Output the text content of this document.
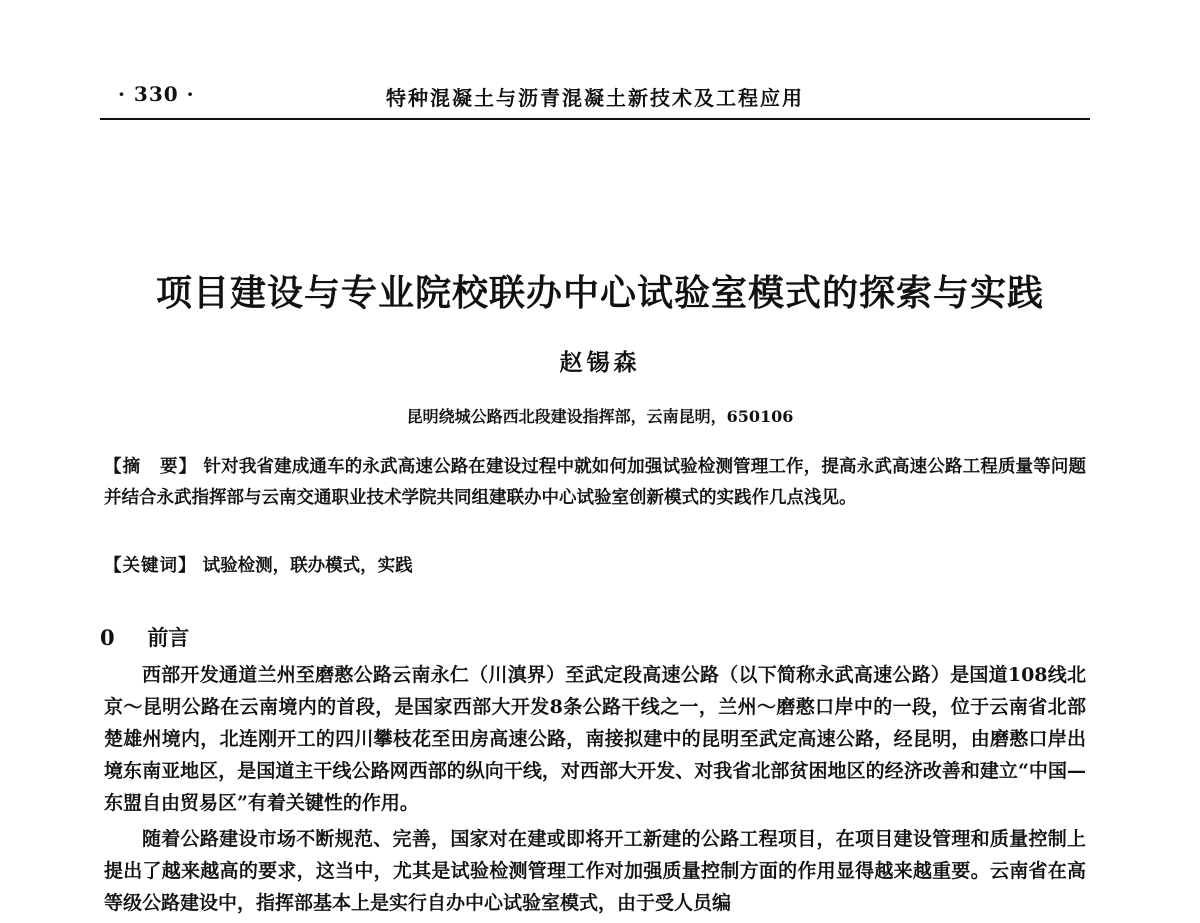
特种混凝土与沥青混凝土新技术及工程应用
· 330 ·
项目建设与专业院校联办中心试验室模式的探索与实践
赵锡森
昆明绕城公路西北段建设指挥部，云南昆明，650106
【摘　要】 针对我省建成通车的永武高速公路在建设过程中就如何加强试验检测管理工作，提高永武高速公路工程质量等问题并结合永武指挥部与云南交通职业技术学院共同组建联办中心试验室创新模式的实践作几点浅见。
【关键词】 试验检测，联办模式，实践
0 前言

西部开发通道兰州至磨憨公路云南永仁（川滇界）至武定段高速公路（以下简称永武高速公路）是国道108线北京～昆明公路在云南境内的首段，是国家西部大开发8条公路干线之一，兰州～磨憨口岸中的一段，位于云南省北部楚雄州境内，北连刚开工的四川攀枝花至田房高速公路，南接拟建中的昆明至武定高速公路，经昆明，由磨憨口岸出境东南亚地区，是国道主干线公路网西部的纵向干线，对西部大开发、对我省北部贫困地区的经济改善和建立“中国—东盟自由贸易区”有着关键性的作用。

随着公路建设市场不断规范、完善，国家对在建或即将开工新建的公路工程项目，在项目建设管理和质量控制上提出了越来越高的要求，这当中，尤其是试验检测管理工作对加强质量控制方面的作用显得越来越重要。云南省在高等级公路建设中，指挥部基本上是实行自办中心试验室模式，由于受人员编
